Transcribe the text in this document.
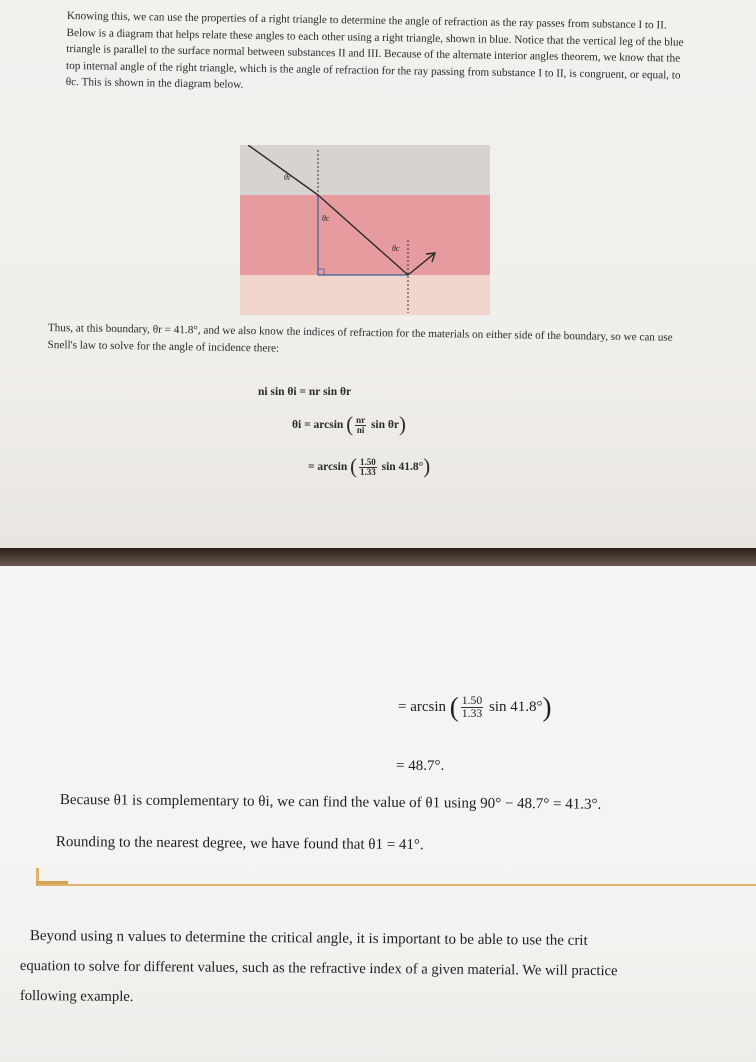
Knowing this, we can use the properties of a right triangle to determine the angle of refraction as the ray passes from substance I to II. Below is a diagram that helps relate these angles to each other using a right triangle, shown in blue. Notice that the vertical leg of the blue triangle is parallel to the surface normal between substances II and III. Because of the alternate interior angles theorem, we know that the top internal angle of the right triangle, which is the angle of refraction for the ray passing from substance I to II, is congruent, or equal, to θc. This is shown in the diagram below.
θi
θc
θc
Thus, at this boundary, θr = 41.8°, and we also know the indices of refraction for the materials on either side of the boundary, so we can use Snell's law to solve for the angle of incidence there:
ni sin θi = nr sin θr
θi = arcsin ( $\frac{nr}{ni}$ sin θr)
= arcsin ( $\frac{1.50}{1.33}$ sin 41.8°)
= arcsin ( $\frac{1.50}{1.33}$ sin 41.8°)
= 48.7°.
Because θ1 is complementary to θi, we can find the value of θ1 using 90° − 48.7° = 41.3°.
Rounding to the nearest degree, we have found that θ1 = 41°.
Beyond using n values to determine the critical angle, it is important to be able to use the crit
equation to solve for different values, such as the refractive index of a given material. We will practice
following example.
